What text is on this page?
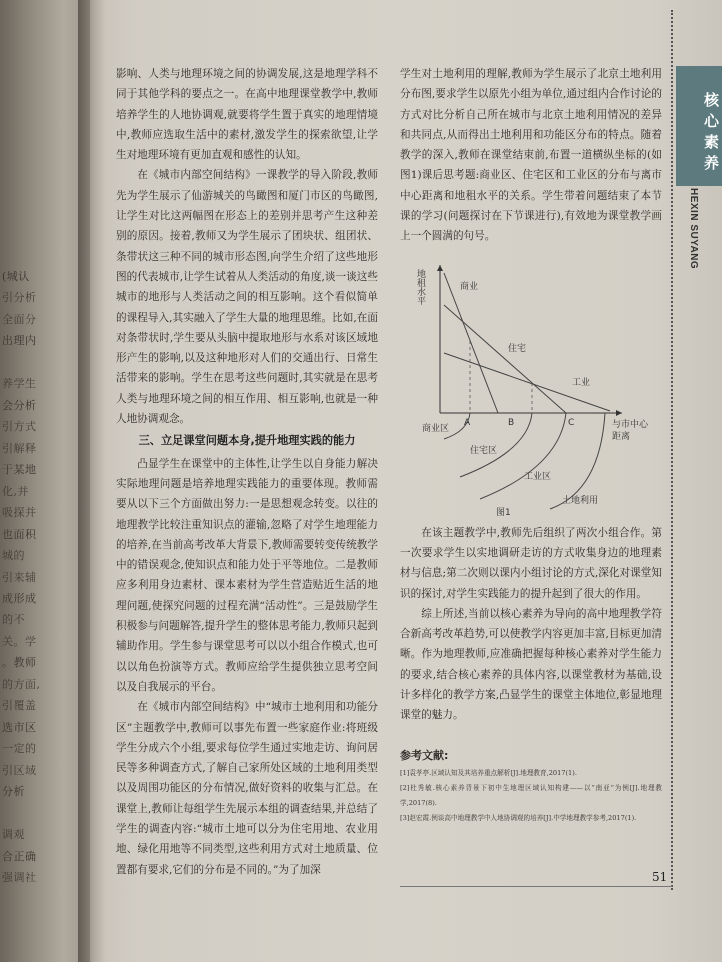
(城认
引分析
全面分
出理内
养学生
会分析
引方式
引解释
于某地
化,并
吸探并
也面积
城的
引来辅
成形成
的不
关。学
。教师
的方面,
引覆盖
选市区
一定的
引区域
分析
调观
合正确
强调社
核心素养
HEXIN SUYANG

影响、人类与地理环境之间的协调发展,这是地理学科不同于其他学科的要点之一。在高中地理课堂教学中,教师培养学生的人地协调观,就要将学生置于真实的地理情境中,教师应选取生活中的素材,激发学生的探索欲望,让学生对地理环境有更加直观和感性的认知。

在《城市内部空间结构》一课教学的导入阶段,教师先为学生展示了仙游城关的鸟瞰图和厦门市区的鸟瞰图,让学生对比这两幅图在形态上的差别并思考产生这种差别的原因。接着,教师又为学生展示了团块状、组团状、条带状这三种不同的城市形态图,向学生介绍了这些地形图的代表城市,让学生试着从人类活动的角度,谈一谈这些城市的地形与人类活动之间的相互影响。这个看似简单的课程导入,其实融入了学生大量的地理思维。比如,在面对条带状时,学生要从头脑中提取地形与水系对该区域地形产生的影响,以及这种地形对人们的交通出行、日常生活带来的影响。学生在思考这些问题时,其实就是在思考人类与地理环境之间的相互作用、相互影响,也就是一种人地协调观念。

三、立足课堂问题本身,提升地理实践的能力

凸显学生在课堂中的主体性,让学生以自身能力解决实际地理问题是培养地理实践能力的重要体现。教师需要从以下三个方面做出努力:一是思想观念转变。以往的地理教学比较注重知识点的灌输,忽略了对学生地理能力的培养,在当前高考改革大背景下,教师需要转变传统教学中的错误观念,使知识点和能力处于平等地位。二是教师应多利用身边素材、课本素材为学生营造贴近生活的地理问题,使探究问题的过程充满“活动性”。三是鼓励学生积极参与问题解答,提升学生的整体思考能力,教师只起到辅助作用。学生参与课堂思考可以以小组合作模式,也可以以角色扮演等方式。教师应给学生提供独立思考空间以及自我展示的平台。

在《城市内部空间结构》中“城市土地利用和功能分区”主题教学中,教师可以事先布置一些家庭作业:将班级学生分成六个小组,要求每位学生通过实地走访、询问居民等多种调查方式,了解自己家所处区域的土地利用类型以及周围功能区的分布情况,做好资料的收集与汇总。在课堂上,教师让每组学生先展示本组的调查结果,并总结了学生的调查内容:“城市土地可以分为住宅用地、农业用地、绿化用地等不同类型,这些利用方式对土地质量、位置都有要求,它们的分布是不同的。”为了加深

学生对土地利用的理解,教师为学生展示了北京土地利用分布图,要求学生以原先小组为单位,通过组内合作讨论的方式对比分析自己所在城市与北京土地利用情况的差异和共同点,从而得出土地利用和功能区分布的特点。随着教学的深入,教师在课堂结束前,布置一道横纵坐标的(如图1)课后思考题:商业区、住宅区和工业区的分布与离市中心距离和地租水平的关系。学生带着问题结束了本节课的学习(问题探讨在下节课进行),有效地为课堂教学画上一个圆满的句号。

地租水平	商业
住宅
工业
A	B	C	与市中心
距离
商业区
住宅区
工业区
土地利用
图1

在该主题教学中,教师先后组织了两次小组合作。第一次要求学生以实地调研走访的方式收集身边的地理素材与信息;第二次则以课内小组讨论的方式,深化对课堂知识的探讨,对学生实践能力的提升起到了很大的作用。

综上所述,当前以核心素养为导向的高中地理教学符合新高考改革趋势,可以使教学内容更加丰富,目标更加清晰。作为地理教师,应准确把握每种核心素养对学生能力的要求,结合核心素养的具体内容,以课堂教材为基础,设计多样化的教学方案,凸显学生的课堂主体地位,彰显地理课堂的魅力。

参考文献:

[1]袁孝亭.区域认知及其培养重点解析[J].地理教育,2017(1).

[2]杜秀敏.核心素养背景下初中生地理区域认知构建——以“南亚”为例[J].地理教学,2017(8).

[3]赵宏霞.例谈高中地理教学中人地协调观的培养[J].中学地理教学参考,2017(1).

51
